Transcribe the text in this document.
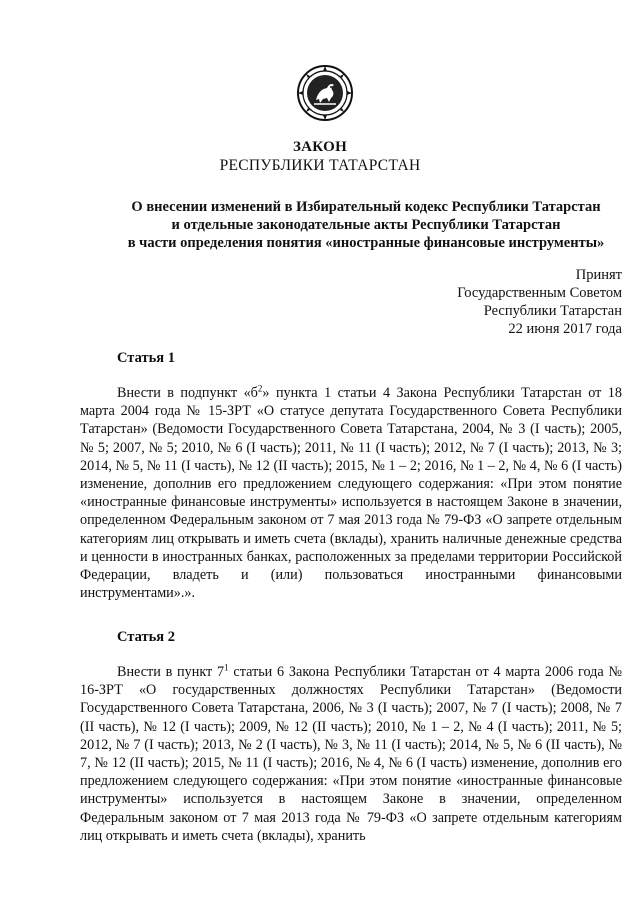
ЗАКОН
РЕСПУБЛИКИ ТАТАРСТАН
О внесении изменений в Избирательный кодекс Республики Татарстан
и отдельные законодательные акты Республики Татарстан
в части определения понятия «иностранные финансовые инструменты»
Принят
Государственным Советом
Республики Татарстан
22 июня 2017 года
Статья 1

Внести в подпункт «$б^2$» пункта 1 статьи 4 Закона Республики Татарстан от 18 марта 2004 года № 15-ЗРТ «О статусе депутата Государственного Совета Республики Татарстан» (Ведомости Государственного Совета Татарстана, 2004, № 3 (I часть); 2005, № 5; 2007, № 5; 2010, № 6 (I часть); 2011, № 11 (I часть); 2012, № 7 (I часть); 2013, № 3; 2014, № 5, № 11 (I часть), № 12 (II часть); 2015, № 1 – 2; 2016, № 1 – 2, № 4, № 6 (I часть) изменение, дополнив его предложением следующего содержания: «При этом понятие «иностранные финансовые инструменты» используется в настоящем Законе в значении, определенном Федеральным законом от 7 мая 2013 года № 79-ФЗ «О запрете отдельным категориям лиц открывать и иметь счета (вклады), хранить наличные денежные средства и ценности в иностранных банках, расположенных за пределами территории Российской Федерации, владеть и (или) пользоваться иностранными финансовыми инструментами».».

Статья 2

Внести в пункт $7^1$ статьи 6 Закона Республики Татарстан от 4 марта 2006 года № 16-ЗРТ «О государственных должностях Республики Татарстан» (Ведомости Государственного Совета Татарстана, 2006, № 3 (I часть); 2007, № 7 (I часть); 2008, № 7 (II часть), № 12 (I часть); 2009, № 12 (II часть); 2010, № 1 – 2, № 4 (I часть); 2011, № 5; 2012, № 7 (I часть); 2013, № 2 (I часть), № 3, № 11 (I часть); 2014, № 5, № 6 (II часть), № 7, № 12 (II часть); 2015, № 11 (I часть); 2016, № 4, № 6 (I часть) изменение, дополнив его предложением следующего содержания: «При этом понятие «иностранные финансовые инструменты» используется в настоящем Законе в значении, определенном Федеральным законом от 7 мая 2013 года № 79-ФЗ «О запрете отдельным категориям лиц открывать и иметь счета (вклады), хранить
